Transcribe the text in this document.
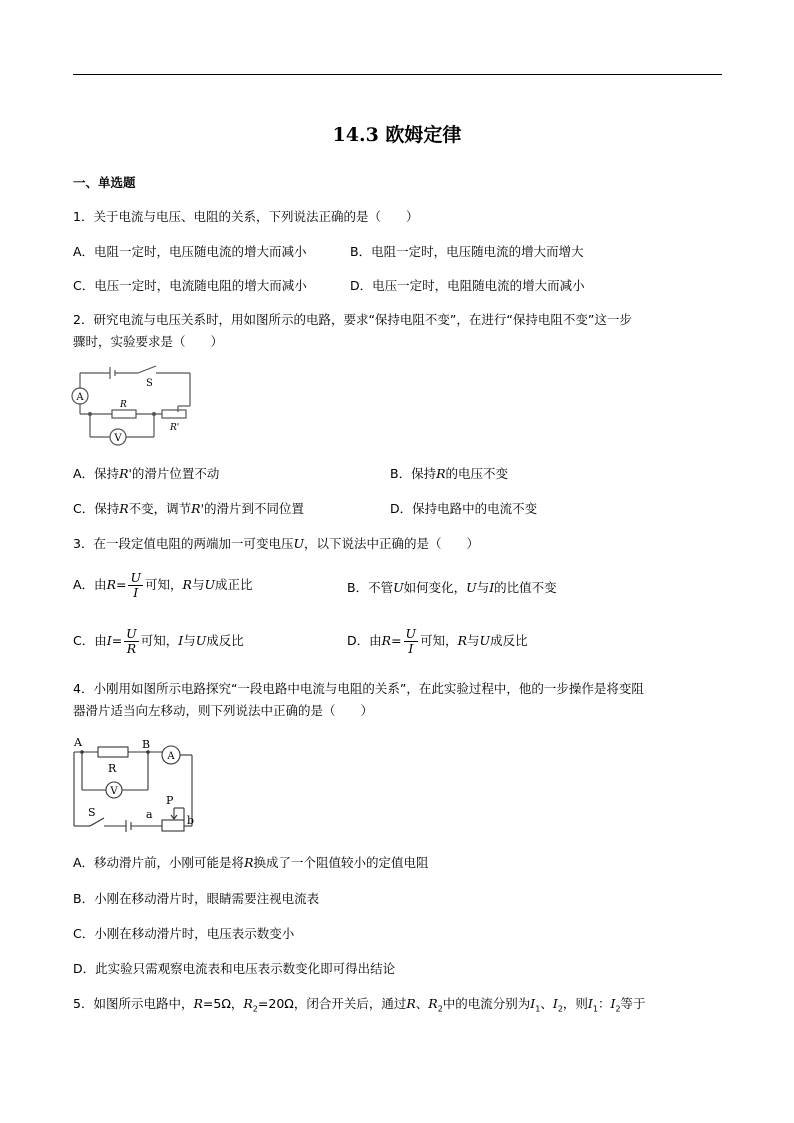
14.3 欧姆定律
一、单选题
1．关于电流与电压、电阻的关系，下列说法正确的是（　　）
A．电阻一定时，电压随电流的增大而减小	B．电阻一定时，电压随电流的增大而增大
C．电压一定时，电流随电阻的增大而减小	D．电压一定时，电阻随电流的增大而减小
2．研究电流与电压关系时，用如图所示的电路，要求“保持电阻不变”，在进行“保持电阻不变”这一步
骤时，实验要求是（　　）
A
V
S
R
R'
A．保持R'的滑片位置不动	B．保持R的电压不变
C．保持R不变，调节R'的滑片到不同位置	D．保持电路中的电流不变
3．在一段定值电阻的两端加一可变电压U，以下说法中正确的是（　　）
A．由$R= \frac{U}{I}$ 可知，R与U成正比	B．不管U如何变化，U与I的比值不变
C．由$I= \frac{U}{R}$ 可知，I与U成反比	D．由$R= \frac{U}{I}$ 可知，R与U成反比
4．小刚用如图所示电路探究“一段电路中电流与电阻的关系”，在此实验过程中，他的一步操作是将变阻
器滑片适当向左移动，则下列说法中正确的是（　　）
A	B
R
A
V
S	a
P
b
A．移动滑片前，小刚可能是将R换成了一个阻值较小的定值电阻
B．小刚在移动滑片时，眼睛需要注视电流表
C．小刚在移动滑片时，电压表示数变小
D．此实验只需观察电流表和电压表示数变化即可得出结论
5．如图所示电路中，R=5Ω，$R_2=20\Omega$，闭合开关后，通过R、$R_2$中的电流分别为$I_1$、$I_2$，则$I_1$：$I_2$等于
